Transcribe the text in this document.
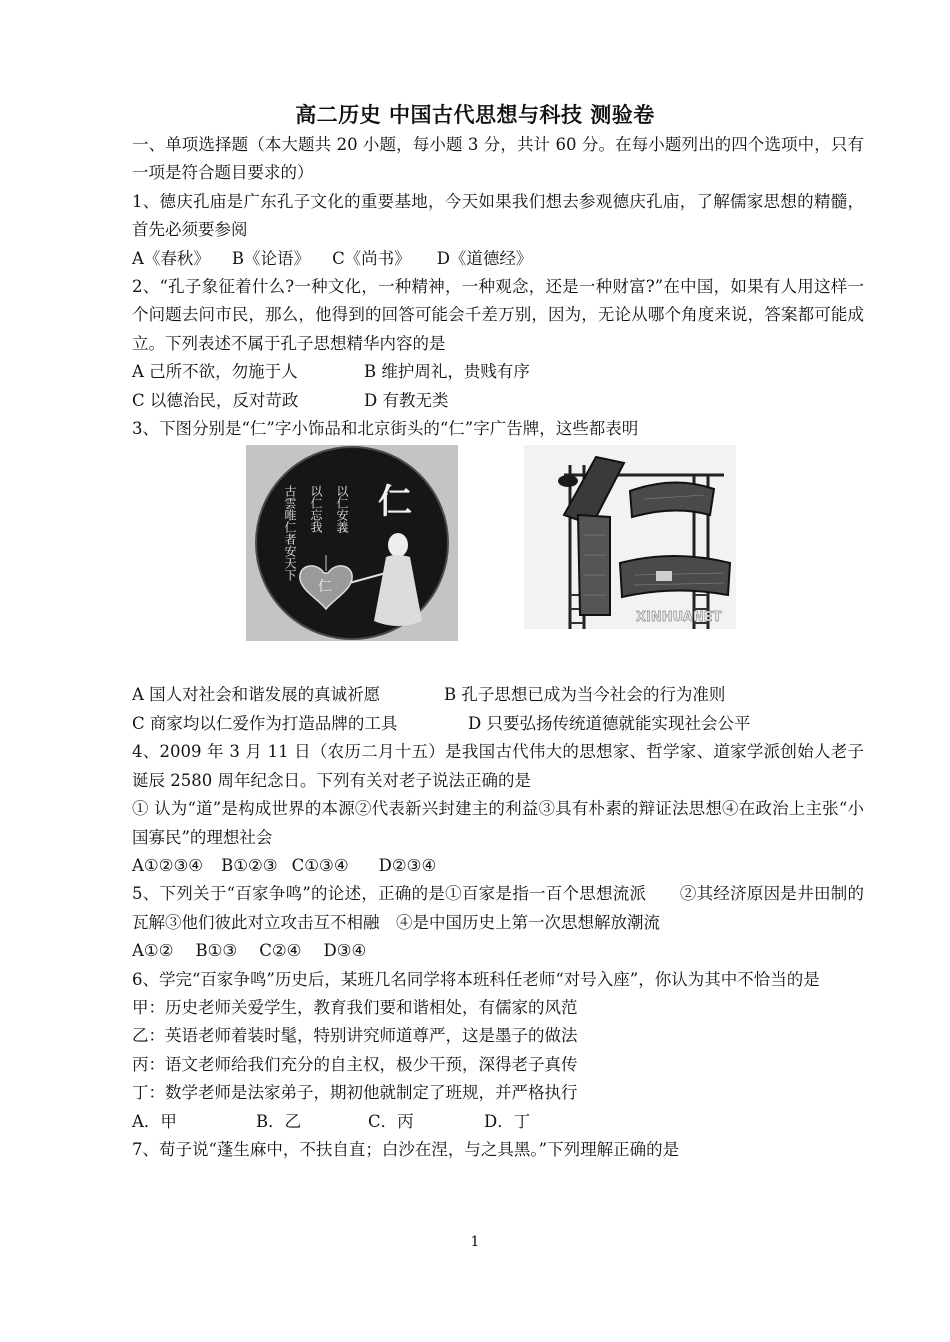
高二历史 中国古代思想与科技 测验卷

一、单项选择题（本大题共 20 小题，每小题 3 分，共计 60 分。在每小题列出的四个选项中，只有一项是符合题目要求的）

1、德庆孔庙是广东孔子文化的重要基地，今天如果我们想去参观德庆孔庙，了解儒家思想的精髓，首先必须要参阅

A《春秋》 B《论语》 C《尚书》 D《道德经》

2、“孔子象征着什么?一种文化，一种精神，一种观念，还是一种财富?”在中国，如果有人用这样一个问题去问市民，那么，他得到的回答可能会千差万别，因为，无论从哪个角度来说，答案都可能成立。下列表述不属于孔子思想精华内容的是

A 己所不欲，勿施于人	B 维护周礼，贵贱有序

C 以德治民，反对苛政	D 有教无类

3、下图分别是“仁”字小饰品和北京街头的“仁”字广告牌，这些都表明

古雲唯仁者安天下 以仁忘我 以仁安義 仁
仁
XINHUANET

A 国人对社会和谐发展的真诚祈愿	B 孔子思想已成为当今社会的行为准则

C 商家均以仁爱作为打造品牌的工具	D 只要弘扬传统道德就能实现社会公平

4、2009 年 3 月 11 日（农历二月十五）是我国古代伟大的思想家、哲学家、道家学派创始人老子诞辰 2580 周年纪念日。下列有关对老子说法正确的是

① 认为“道”是构成世界的本源②代表新兴封建主的利益③具有朴素的辩证法思想④在政治上主张“小国寡民”的理想社会

A①②③④ B①②③ C①③④ D②③④

5、下列关于“百家争鸣”的论述，正确的是①百家是指一百个思想流派　　②其经济原因是井田制的瓦解③他们彼此对立攻击互不相融　④是中国历史上第一次思想解放潮流

A①② B①③ C②④ D③④

6、学完“百家争鸣”历史后，某班几名同学将本班科任老师“对号入座”，你认为其中不恰当的是

甲：历史老师关爱学生，教育我们要和谐相处，有儒家的风范

乙：英语老师着装时髦，特别讲究师道尊严，这是墨子的做法

丙：语文老师给我们充分的自主权，极少干预，深得老子真传

丁：数学老师是法家弟子，期初他就制定了班规，并严格执行

A．甲	B．乙	C．丙	D．丁

7、荀子说“蓬生麻中，不扶自直；白沙在涅，与之具黑。”下列理解正确的是

1
